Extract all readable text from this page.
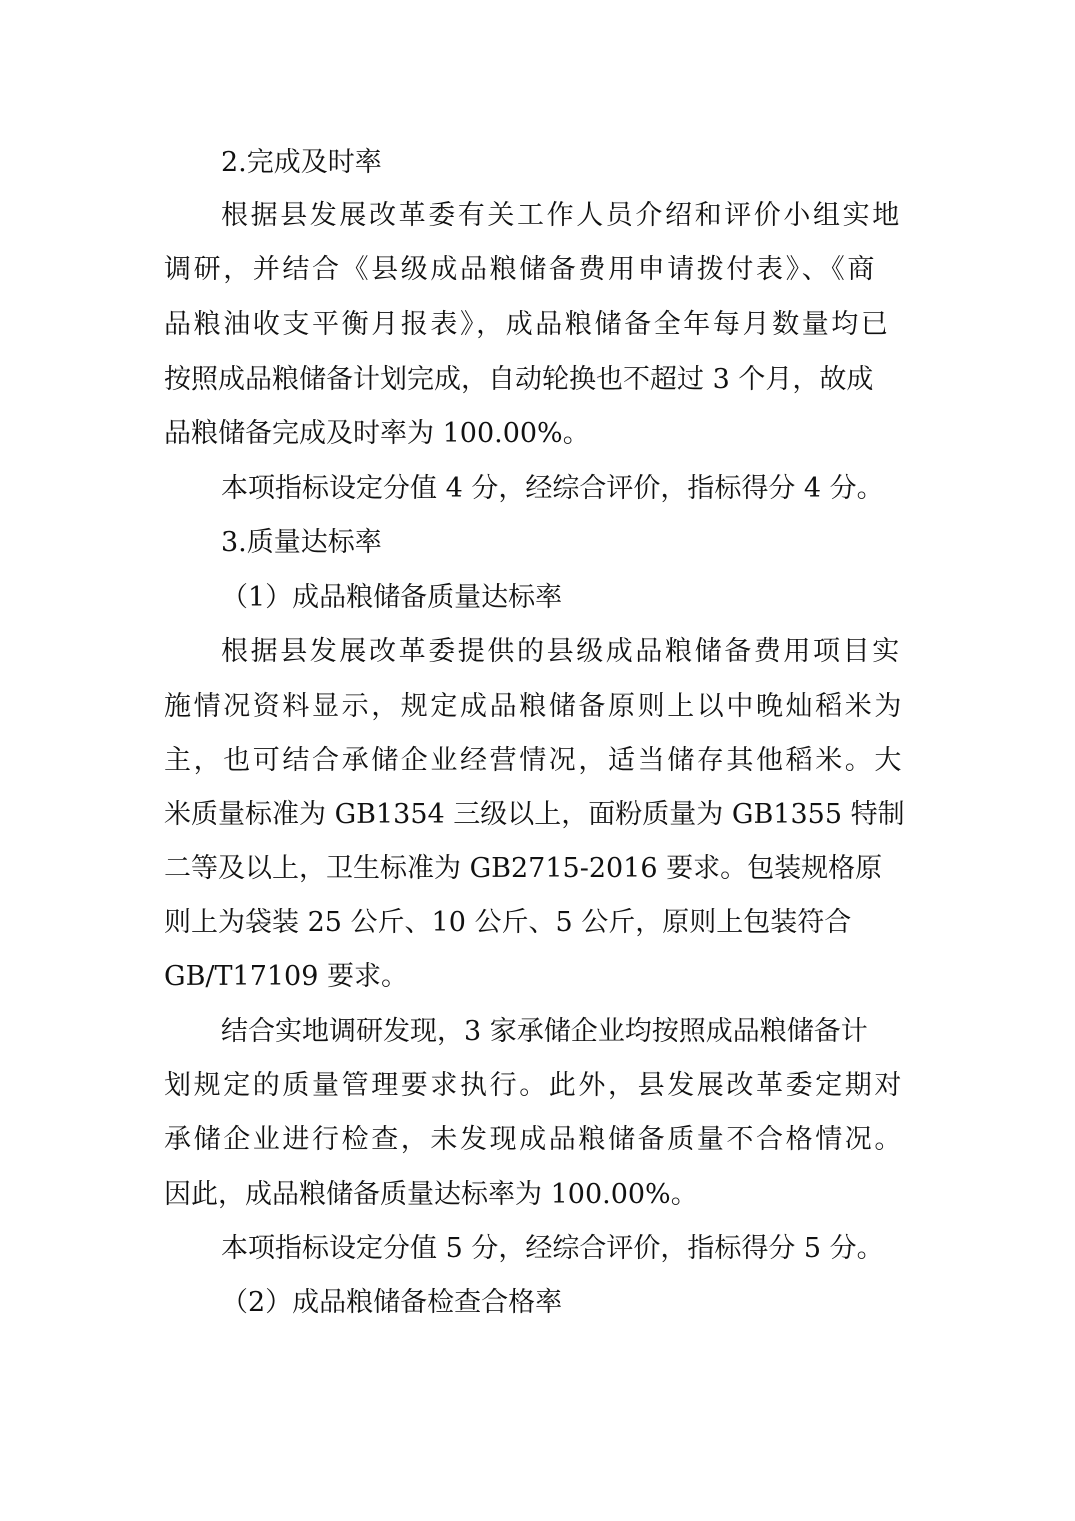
2.完成及时率
根据县发展改革委有关工作人员介绍和评价小组实地
调研，并结合《县级成品粮储备费用申请拨付表》、《商
品粮油收支平衡月报表》，成品粮储备全年每月数量均已
按照成品粮储备计划完成，自动轮换也不超过 3 个月，故成
品粮储备完成及时率为 100.00%。
本项指标设定分值 4 分，经综合评价，指标得分 4 分。
3.质量达标率
（1）成品粮储备质量达标率
根据县发展改革委提供的县级成品粮储备费用项目实
施情况资料显示，规定成品粮储备原则上以中晚灿稻米为
主，也可结合承储企业经营情况，适当储存其他稻米。大
米质量标准为 GB1354 三级以上，面粉质量为 GB1355 特制
二等及以上，卫生标准为 GB2715-2016 要求。包装规格原
则上为袋装 25 公斤、10 公斤、5 公斤，原则上包装符合
GB/T17109 要求。
结合实地调研发现，3 家承储企业均按照成品粮储备计
划规定的质量管理要求执行。此外，县发展改革委定期对
承储企业进行检查，未发现成品粮储备质量不合格情况。
因此，成品粮储备质量达标率为 100.00%。
本项指标设定分值 5 分，经综合评价，指标得分 5 分。
（2）成品粮储备检查合格率
